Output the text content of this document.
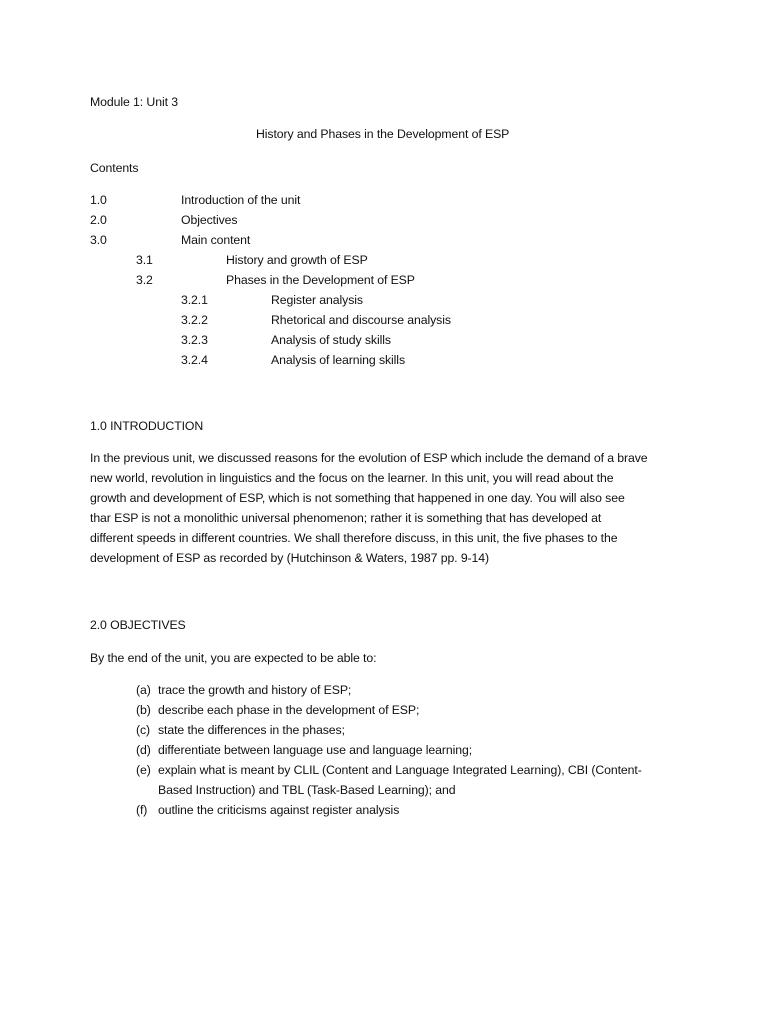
Module 1: Unit 3
History and Phases in the Development of ESP
Contents
1.0	Introduction of the unit
2.0	Objectives
3.0	Main content
3.1	History and growth of ESP
3.2	Phases in the Development of ESP
3.2.1	Register analysis
3.2.2	Rhetorical and discourse analysis
3.2.3	Analysis of study skills
3.2.4	Analysis of learning skills
1.0 INTRODUCTION
In the previous unit, we discussed reasons for the evolution of ESP which include the demand of a brave
new world, revolution in linguistics and the focus on the learner. In this unit, you will read about the
growth and development of ESP, which is not something that happened in one day. You will also see
thar ESP is not a monolithic universal phenomenon; rather it is something that has developed at
different speeds in different countries. We shall therefore discuss, in this unit, the five phases to the
development of ESP as recorded by (Hutchinson & Waters, 1987 pp. 9-14)
2.0 OBJECTIVES
By the end of the unit, you are expected to be able to:
(a) trace the growth and history of ESP;
(b) describe each phase in the development of ESP;
(c) state the differences in the phases;
(d) differentiate between language use and language learning;
(e) explain what is meant by CLIL (Content and Language Integrated Learning), CBI (Content-
Based Instruction) and TBL (Task-Based Learning); and
(f) outline the criticisms against register analysis
